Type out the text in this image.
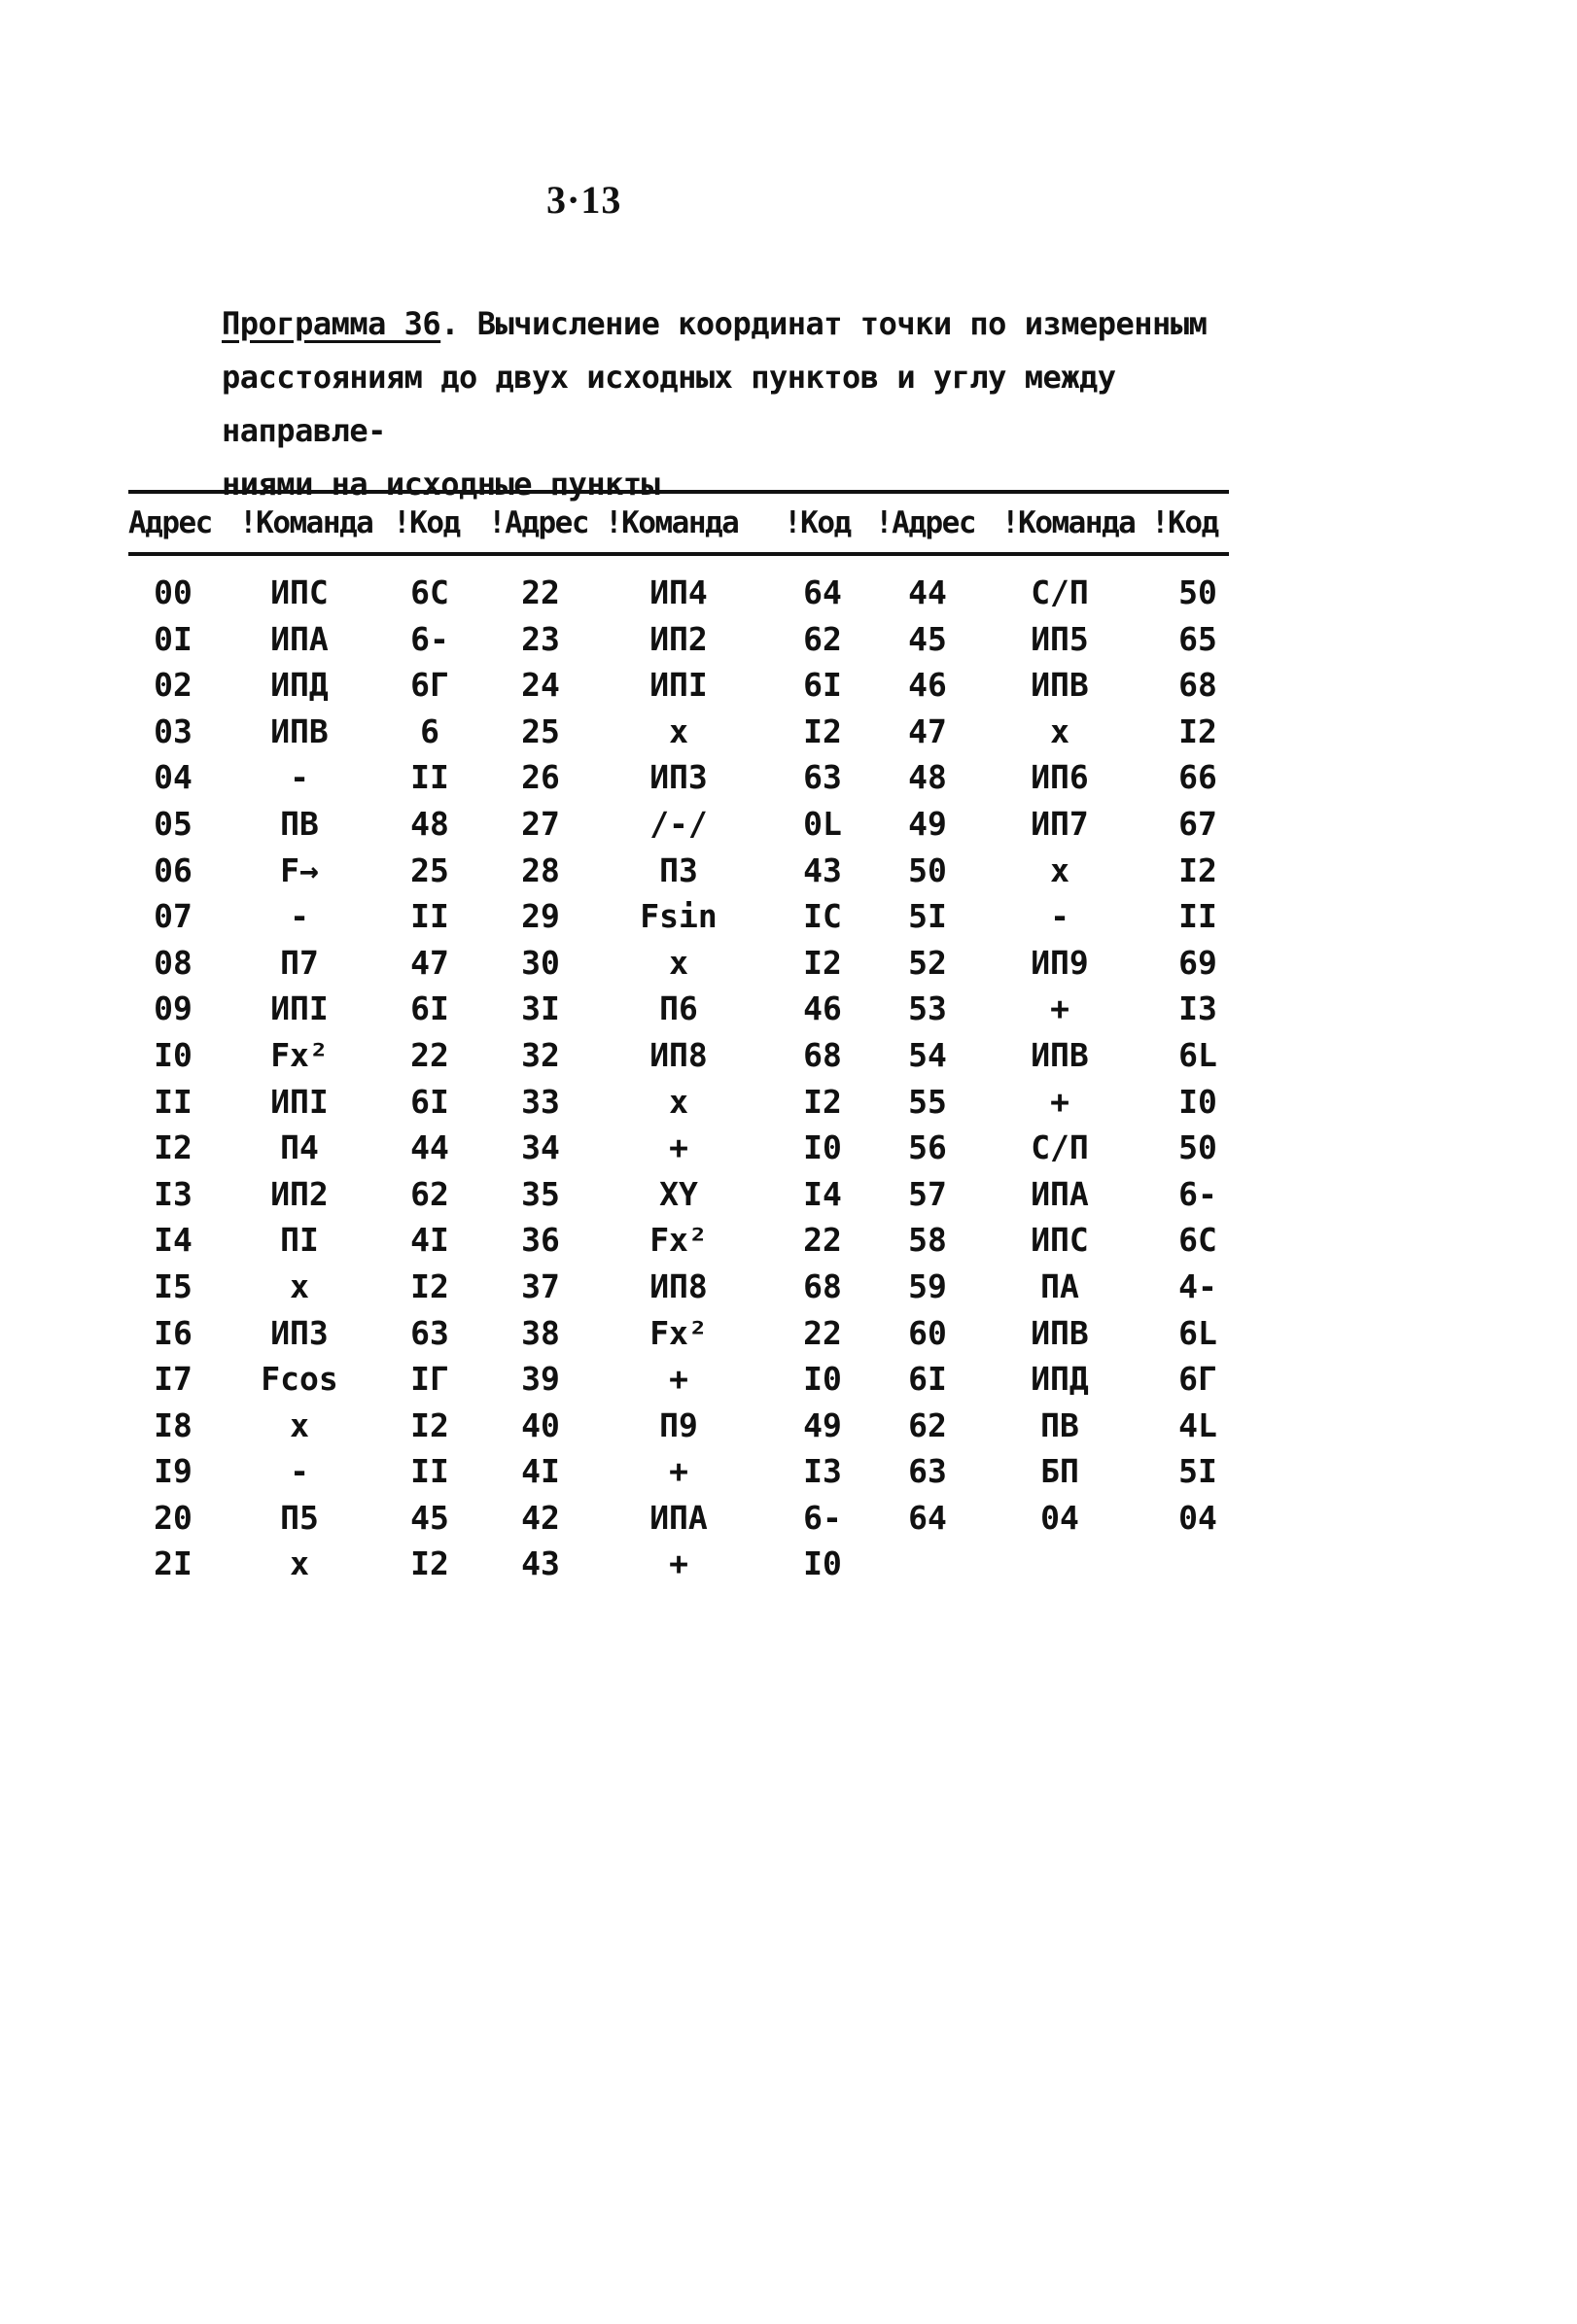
3·13
Программа 36. Вычисление координат точки по измеренным
расстояниям до двух исходных пунктов и углу между направле-
ниями на исходные пункты
Адрес !Команда !Код !Адрес !Команда !Код !Адрес !Команда !Код
00	ИПС	6С	22	ИП4	64	44	С/П	50
0I	ИПА	6-	23	ИП2	62	45	ИП5	65
02	ИПД	6Г	24	ИПI	6I	46	ИПВ	68
03	ИПВ	6	25	x	I2	47	x	I2
04	-	II	26	ИП3	63	48	ИП6	66
05	ПВ	48	27	/-/	0L	49	ИП7	67
06	F→	25	28	П3	43	50	x	I2
07	-	II	29	Fsin	IC	5I	-	II
08	П7	47	30	x	I2	52	ИП9	69
09	ИПI	6I	3I	П6	46	53	+	I3
I0	Fx²	22	32	ИП8	68	54	ИПВ	6L
II	ИПI	6I	33	x	I2	55	+	I0
I2	П4	44	34	+	I0	56	С/П	50
I3	ИП2	62	35	XY	I4	57	ИПА	6-
I4	ПI	4I	36	Fx²	22	58	ИПС	6С
I5	x	I2	37	ИП8	68	59	ПА	4-
I6	ИП3	63	38	Fx²	22	60	ИПВ	6L
I7	Fcos	IГ	39	+	I0	6I	ИПД	6Г
I8	x	I2	40	П9	49	62	ПВ	4L
I9	-	II	4I	+	I3	63	БП	5I
20	П5	45	42	ИПА	6-	64	04	04
2I	x	I2	43	+	I0
